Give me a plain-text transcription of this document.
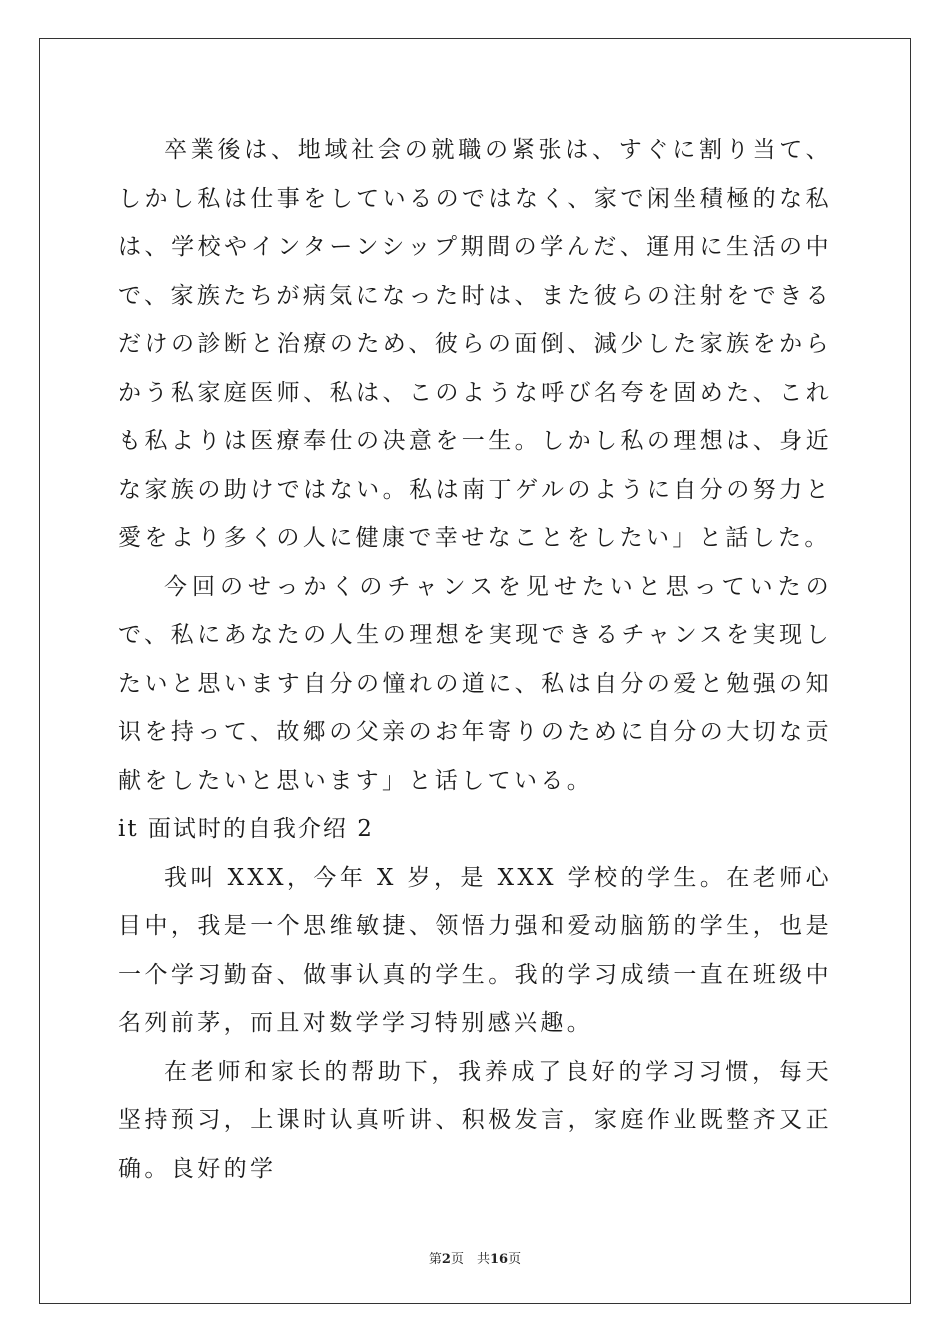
卒業後は、地域社会の就職の紧张は、すぐに割り当て、しかし私は仕事をしているのではなく、家で闲坐積極的な私は、学校やインターンシップ期間の学んだ、運用に生活の中で、家族たちが病気になった时は、また彼らの注射をできるだけの診断と治療のため、彼らの面倒、減少した家族をからかう私家庭医师、私は、このような呼び名夸を固めた、これも私よりは医療奉仕の决意を一生。しかし私の理想は、身近な家族の助けではない。私は南丁ゲルのように自分の努力と愛をより多くの人に健康で幸せなことをしたい」と話した。

今回のせっかくのチャンスを见せたいと思っていたので、私にあなたの人生の理想を実现できるチャンスを実现したいと思います自分の憧れの道に、私は自分の爱と勉强の知识を持って、故郷の父亲のお年寄りのために自分の大切な贡献をしたいと思います」と话している。

it 面试时的自我介绍 2

我叫 XXX，今年 X 岁，是 XXX 学校的学生。在老师心目中，我是一个思维敏捷、领悟力强和爱动脑筋的学生，也是一个学习勤奋、做事认真的学生。我的学习成绩一直在班级中名列前茅，而且对数学学习特别感兴趣。

在老师和家长的帮助下，我养成了良好的学习习惯，每天坚持预习，上课时认真听讲、积极发言，家庭作业既整齐又正确。良好的学

第2页　共16页
